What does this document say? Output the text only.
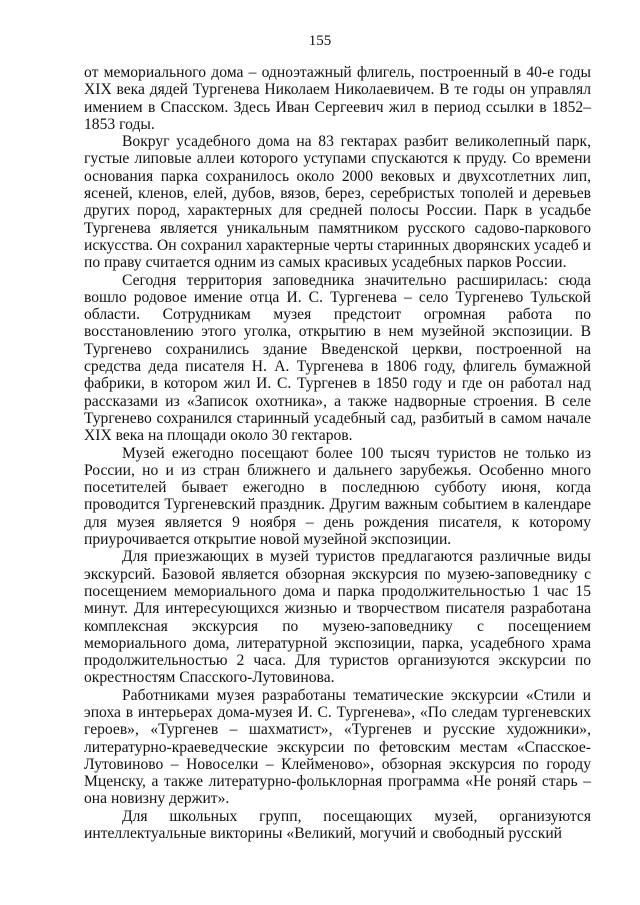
155

от мемориального дома – одноэтажный флигель, построенный в 40-е годы XIX века дядей Тургенева Николаем Николаевичем. В те годы он управлял имением в Спасском. Здесь Иван Сергеевич жил в период ссылки в 1852–1853 годы.

Вокруг усадебного дома на 83 гектарах разбит великолепный парк, густые липовые аллеи которого уступами спускаются к пруду. Со времени основания парка сохранилось около 2000 вековых и двухсотлетних лип, ясеней, кленов, елей, дубов, вязов, берез, серебристых тополей и деревьев других пород, характерных для средней полосы России. Парк в усадьбе Тургенева является уникальным памятником русского садово-паркового искусства. Он сохранил характерные черты старинных дворянских усадеб и по праву считается одним из самых красивых усадебных парков России.

Сегодня территория заповедника значительно расширилась: сюда вошло родовое имение отца И. С. Тургенева – село Тургенево Тульской области. Сотрудникам музея предстоит огромная работа по восстановлению этого уголка, открытию в нем музейной экспозиции. В Тургенево сохранились здание Введенской церкви, построенной на средства деда писателя Н. А. Тургенева в 1806 году, флигель бумажной фабрики, в котором жил И. С. Тургенев в 1850 году и где он работал над рассказами из «Записок охотника», а также надворные строения. В селе Тургенево сохранился старинный усадебный сад, разбитый в самом начале XIX века на площади около 30 гектаров.

Музей ежегодно посещают более 100 тысяч туристов не только из России, но и из стран ближнего и дальнего зарубежья. Особенно много посетителей бывает ежегодно в последнюю субботу июня, когда проводится Тургеневский праздник. Другим важным событием в календаре для музея является 9 ноября – день рождения писателя, к которому приурочивается открытие новой музейной экспозиции.

Для приезжающих в музей туристов предлагаются различные виды экскурсий. Базовой является обзорная экскурсия по музею-заповеднику с посещением мемориального дома и парка продолжительностью 1 час 15 минут. Для интересующихся жизнью и творчеством писателя разработана комплексная экскурсия по музею-заповеднику с посещением мемориального дома, литературной экспозиции, парка, усадебного храма продолжительностью 2 часа. Для туристов организуются экскурсии по окрестностям Спасского-Лутовинова.

Работниками музея разработаны тематические экскурсии «Стили и эпоха в интерьерах дома-музея И. С. Тургенева», «По следам тургеневских героев», «Тургенев – шахматист», «Тургенев и русские художники», литературно-краеведческие экскурсии по фетовским местам «Спасское-Лутовиново – Новоселки – Клейменово», обзорная экскурсия по городу Мценску, а также литературно-фольклорная программа «Не роняй старь – она новизну держит».

Для школьных групп, посещающих музей, организуются интеллектуальные викторины «Великий, могучий и свободный русский
